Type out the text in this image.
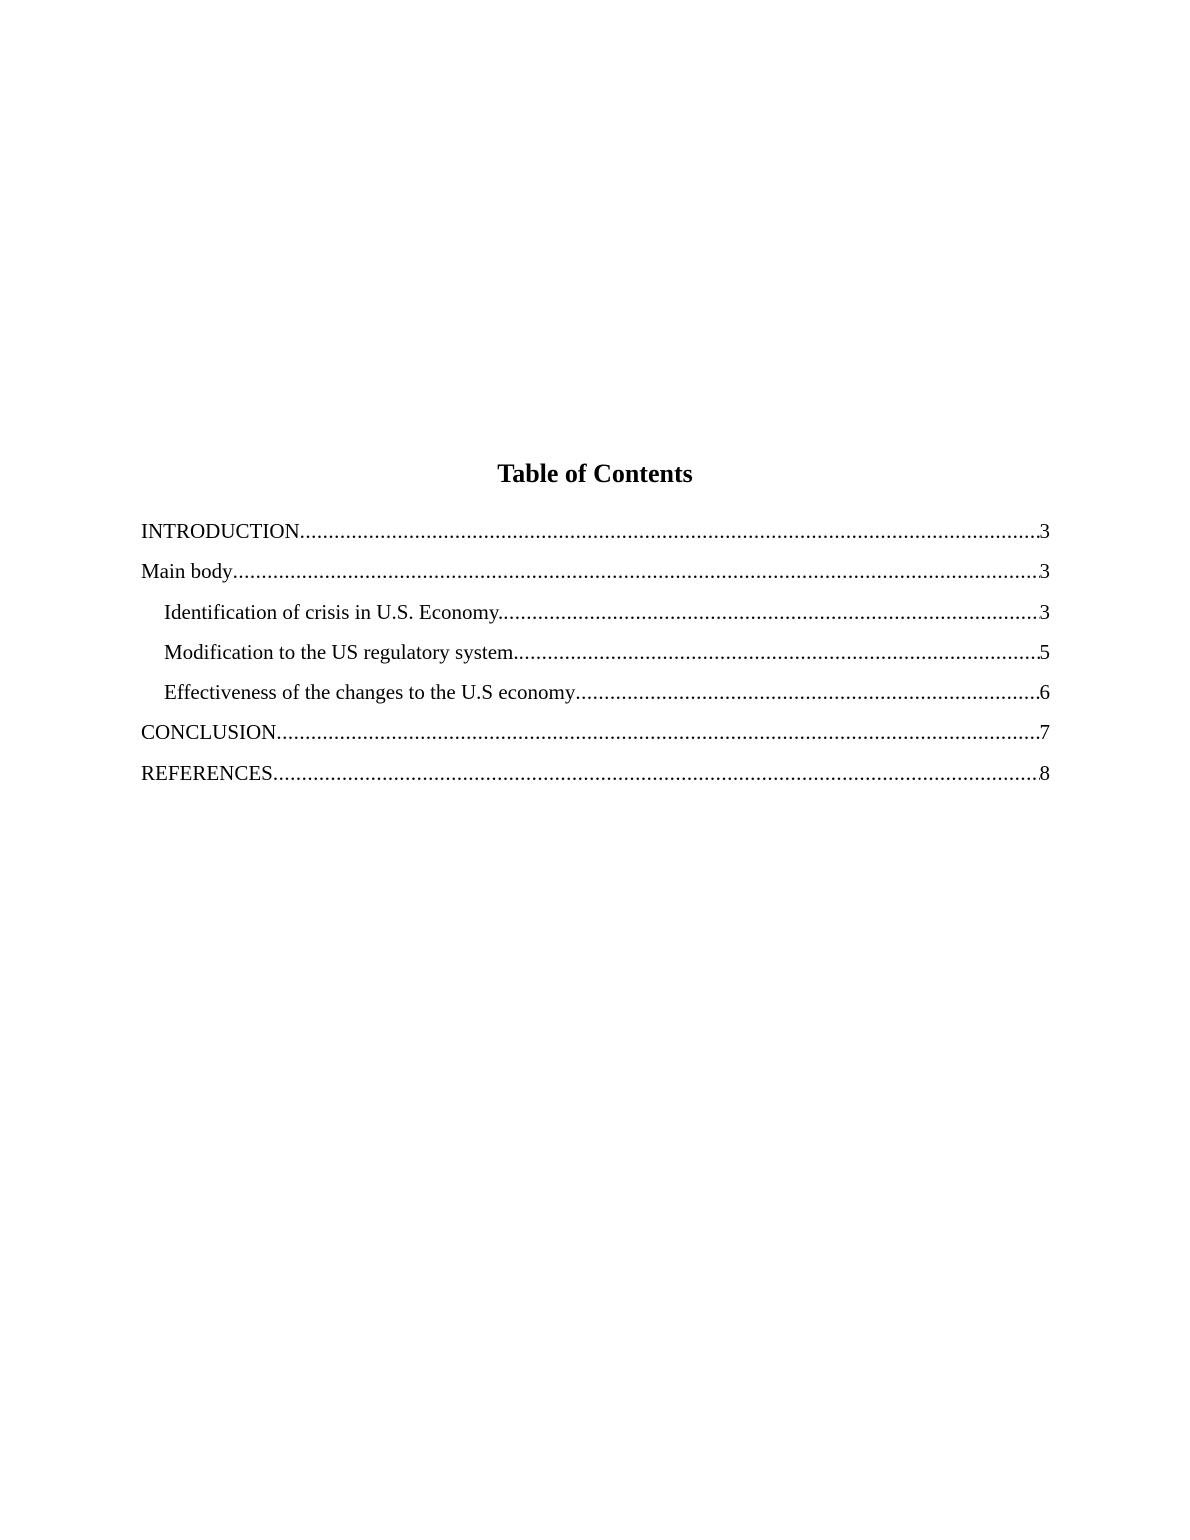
Table of Contents
INTRODUCTION .....	3
Main body .....	3
Identification of crisis in U.S. Economy. .....	3
Modification to the US regulatory system. .....	5
Effectiveness of the changes to the U.S economy .....	6
CONCLUSION .....	7
REFERENCES .....	8
